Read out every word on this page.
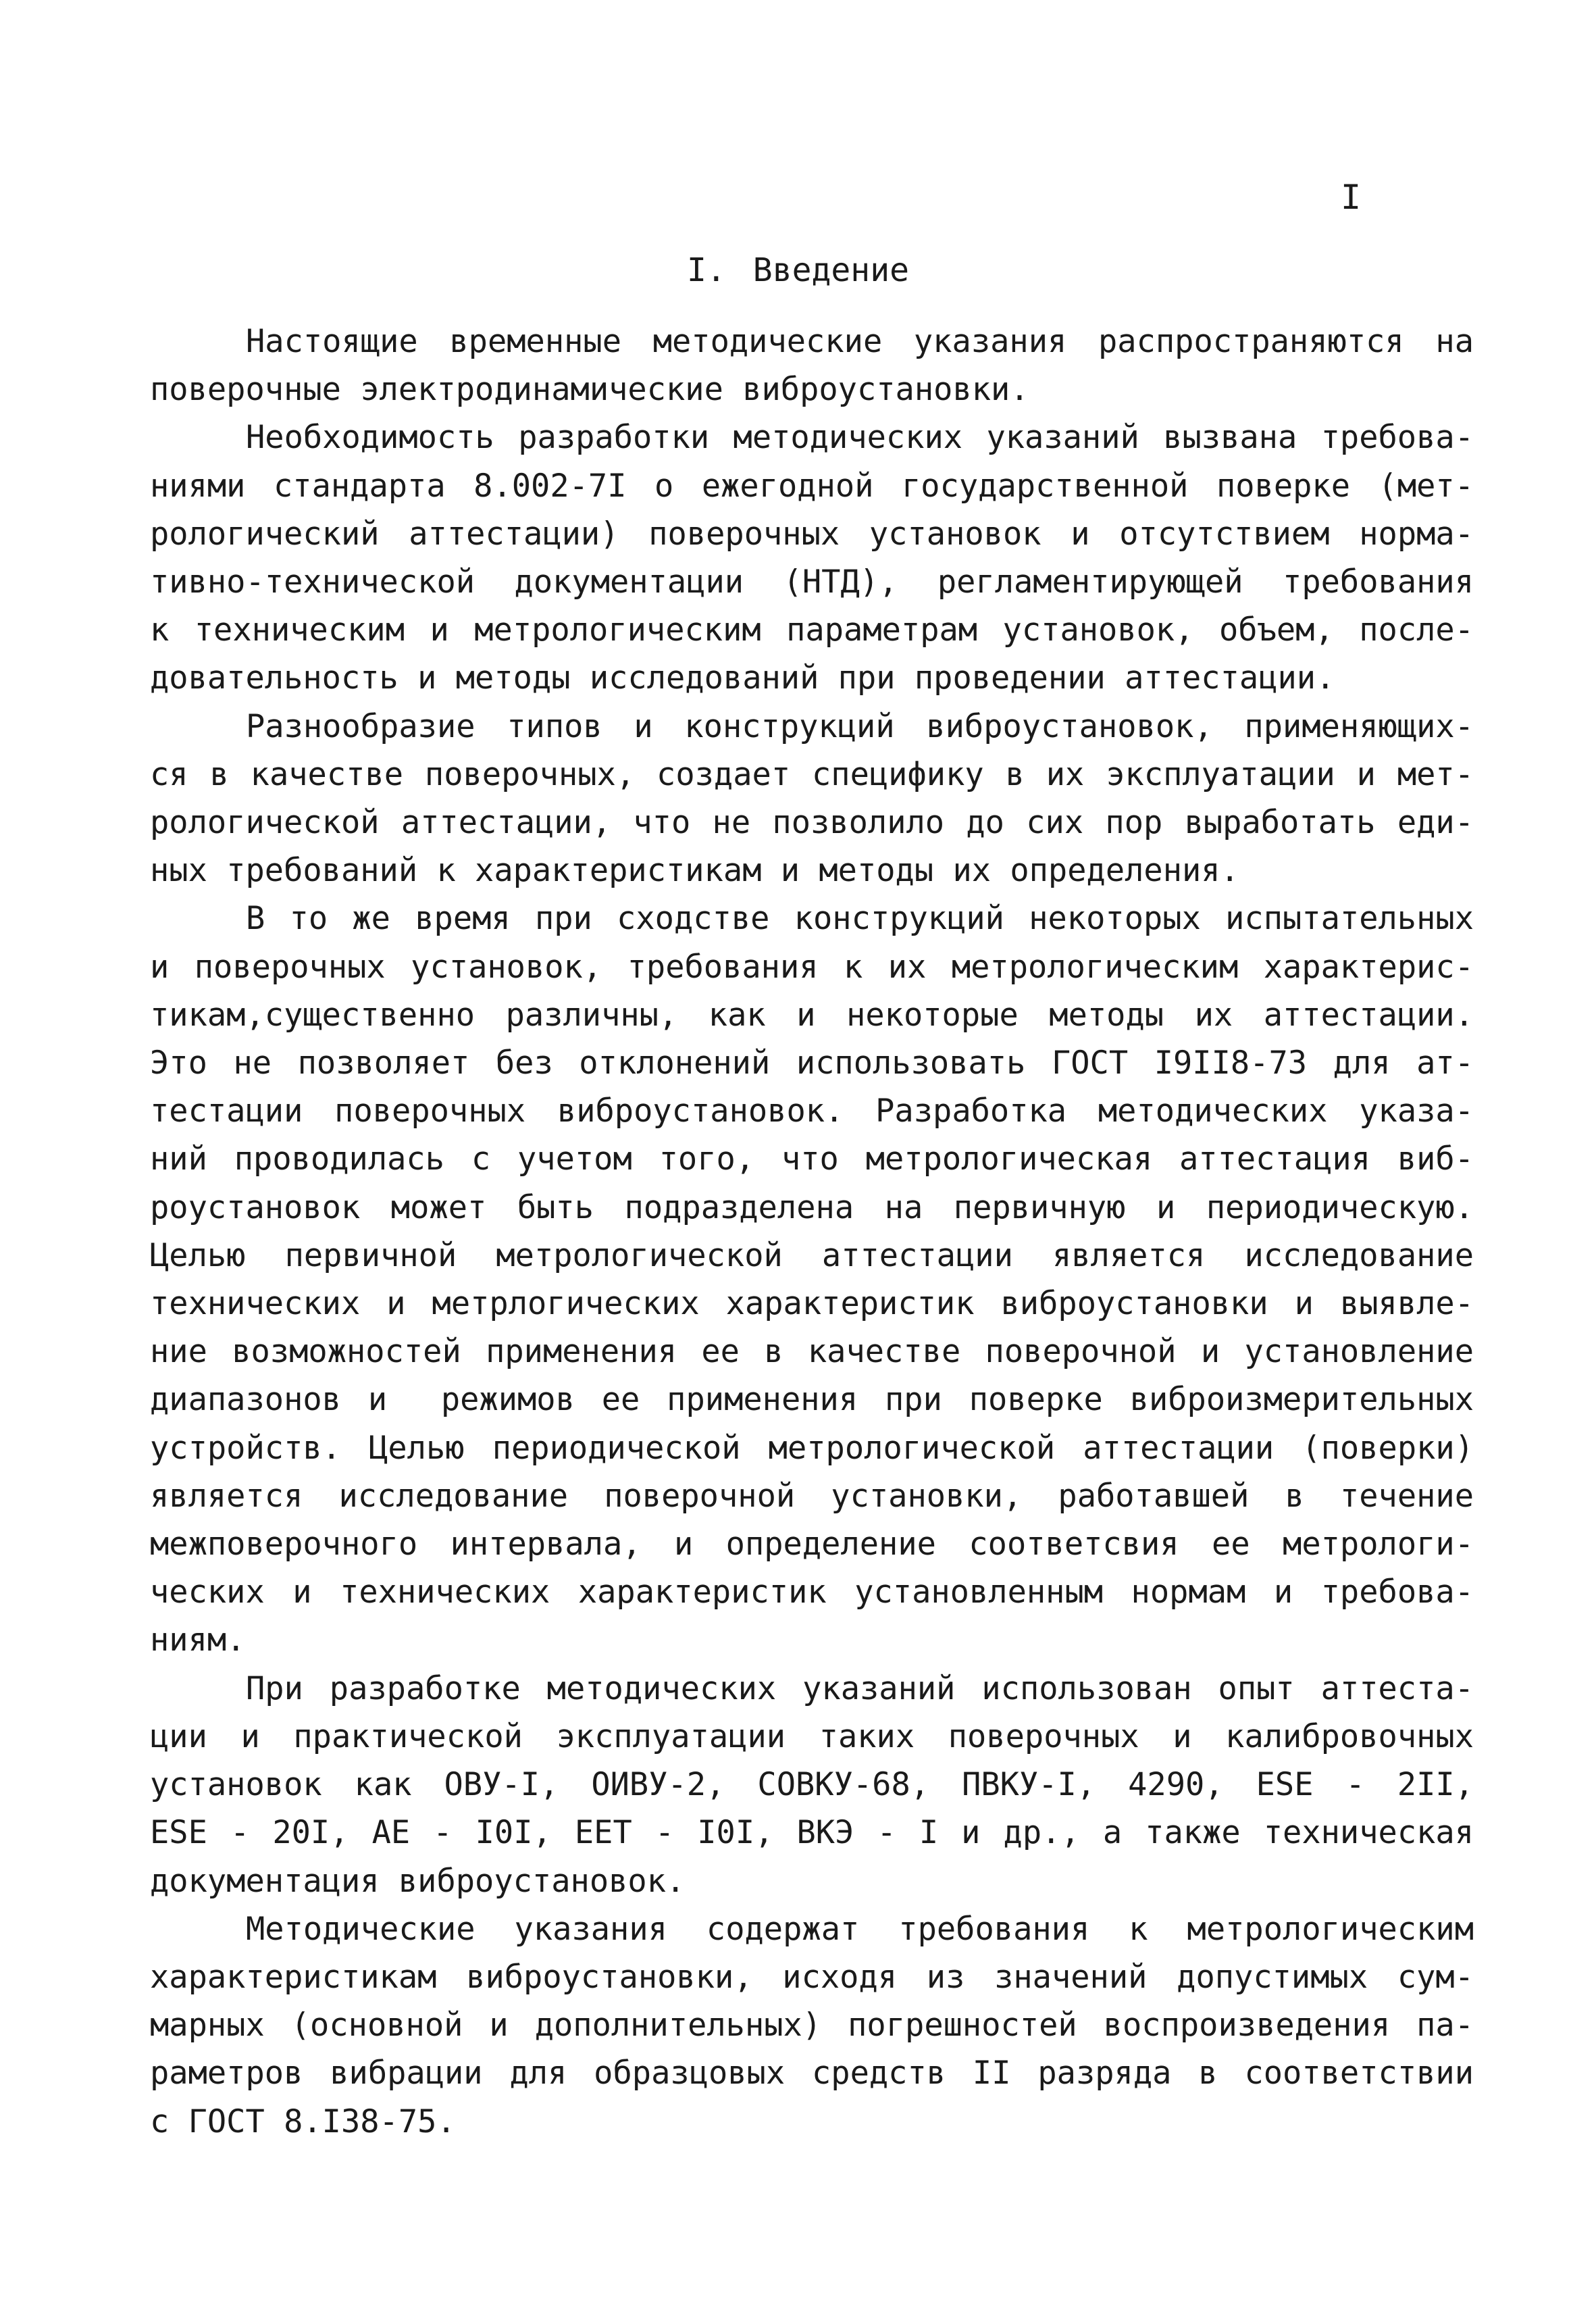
I
I. Введение
Настоящие временные методические указания распространяются на
поверочные электродинамические виброустановки.
Необходимость разработки методических указаний вызвана требова-
ниями стандарта 8.002-7I о ежегодной государственной поверке (мет-
рологический аттестации) поверочных установок и отсутствием норма-
тивно-технической документации (НТД), регламентирующей требования
к техническим и метрологическим параметрам установок, объем, после-
довательность и методы исследований при проведении аттестации.
Разнообразие типов и конструкций виброустановок, применяющих-
ся в качестве поверочных, создает специфику в их эксплуатации и мет-
рологической аттестации, что не позволило до сих пор выработать еди-
ных требований к характеристикам и методы их определения.
В то же время при сходстве конструкций некоторых испытательных
и поверочных установок, требования к их метрологическим характерис-
тикам,существенно различны, как и некоторые методы их аттестации.
Это не позволяет без отклонений использовать ГОСТ I9II8-73 для ат-
тестации поверочных виброустановок. Разработка методических указа-
ний проводилась с учетом того, что метрологическая аттестация виб-
роустановок может быть подразделена на первичную и периодическую.
Целью первичной метрологической аттестации является исследование
технических и метрлогических характеристик виброустановки и выявле-
ние возможностей применения ее в качестве поверочной и установление
диапазонов и  режимов ее применения при поверке виброизмерительных
устройств. Целью периодической метрологической аттестации (поверки)
является исследование поверочной установки, работавшей в течение
межповерочного интервала, и определение соответсвия ее метрологи-
ческих и технических характеристик установленным нормам и требова-
ниям.
При разработке методических указаний использован опыт аттеста-
ции и практической эксплуатации таких поверочных и калибровочных
установок как ОВУ-I, ОИВУ-2, СОВКУ-68, ПВКУ-I, 4290, ESE - 2II,
ESE - 20I, AE - I0I, EET - I0I, ВКЭ - I и др., а также техническая
документация виброустановок.
Методические указания содержат требования к метрологическим
характеристикам виброустановки, исходя из значений допустимых сум-
марных (основной и дополнительных) погрешностей воспроизведения па-
раметров вибрации для образцовых средств II разряда в соответствии
с ГОСТ 8.I38-75.
